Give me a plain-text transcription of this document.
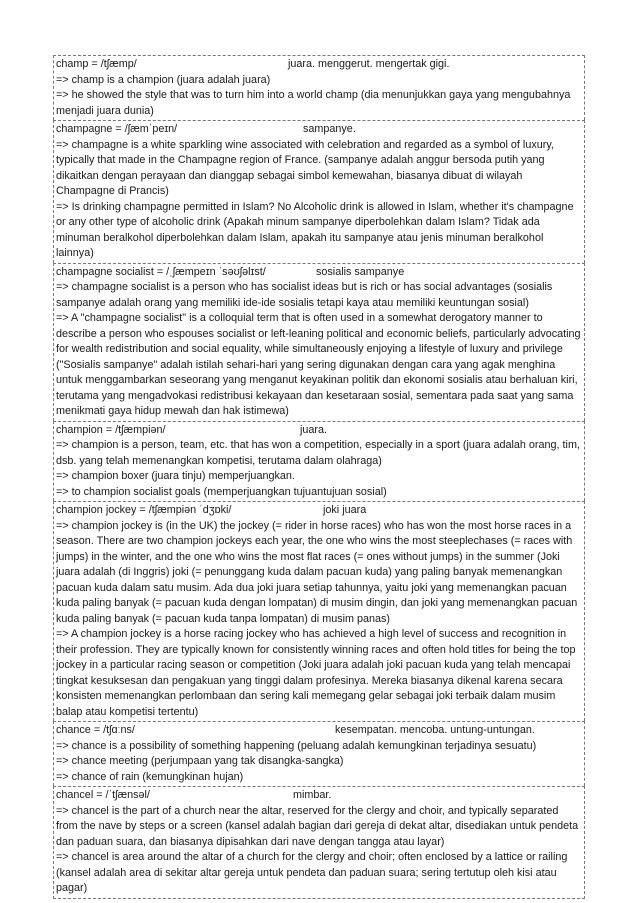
champ = /tʃæmp/	juara. menggerut. mengertak gigi.
=> champ is a champion (juara adalah juara)
=> he showed the style that was to turn him into a world champ (dia menunjukkan gaya yang mengubahnya menjadi juara dunia)
champagne = /ʃæmˈpeɪn/	sampanye.
=> champagne is a white sparkling wine associated with celebration and regarded as a symbol of luxury, typically that made in the Champagne region of France. (sampanye adalah anggur bersoda putih yang dikaitkan dengan perayaan dan dianggap sebagai simbol kemewahan, biasanya dibuat di wilayah Champagne di Prancis)
=> Is drinking champagne permitted in Islam? No Alcoholic drink is allowed in Islam, whether it's champagne or any other type of alcoholic drink (Apakah minum sampanye diperbolehkan dalam Islam? Tidak ada minuman beralkohol diperbolehkan dalam Islam, apakah itu sampanye atau jenis minuman beralkohol lainnya)
champagne socialist = /ˌʃæmpeɪn ˈsəʊʃəlɪst/	sosialis sampanye
=> champagne socialist is a person who has socialist ideas but is rich or has social advantages (sosialis sampanye adalah orang yang memiliki ide-ide sosialis tetapi kaya atau memiliki keuntungan sosial)
=> A "champagne socialist" is a colloquial term that is often used in a somewhat derogatory manner to describe a person who espouses socialist or left-leaning political and economic beliefs, particularly advocating for wealth redistribution and social equality, while simultaneously enjoying a lifestyle of luxury and privilege ("Sosialis sampanye" adalah istilah sehari-hari yang sering digunakan dengan cara yang agak menghina untuk menggambarkan seseorang yang menganut keyakinan politik dan ekonomi sosialis atau berhaluan kiri, terutama yang mengadvokasi redistribusi kekayaan dan kesetaraan sosial, sementara pada saat yang sama menikmati gaya hidup mewah dan hak istimewa)
champion = /tʃæmpiən/	juara.
=> champion is a person, team, etc. that has won a competition, especially in a sport (juara adalah orang, tim, dsb. yang telah memenangkan kompetisi, terutama dalam olahraga)
=> champion boxer (juara tinju) memperjuangkan.
=> to champion socialist goals (memperjuangkan tujuantujuan sosial)
champion jockey = /tʃæmpiən ˈdʒɒki/	joki juara
=> champion jockey is (in the UK) the jockey (= rider in horse races) who has won the most horse races in a season. There are two champion jockeys each year, the one who wins the most steeplechases (= races with jumps) in the winter, and the one who wins the most flat races (= ones without jumps) in the summer (Joki juara adalah (di Inggris) joki (= penunggang kuda dalam pacuan kuda) yang paling banyak memenangkan pacuan kuda dalam satu musim. Ada dua joki juara setiap tahunnya, yaitu joki yang memenangkan pacuan kuda paling banyak (= pacuan kuda dengan lompatan) di musim dingin, dan joki yang memenangkan pacuan kuda paling banyak (= pacuan kuda tanpa lompatan) di musim panas)
=> A champion jockey is a horse racing jockey who has achieved a high level of success and recognition in their profession. They are typically known for consistently winning races and often hold titles for being the top jockey in a particular racing season or competition (Joki juara adalah joki pacuan kuda yang telah mencapai tingkat kesuksesan dan pengakuan yang tinggi dalam profesinya. Mereka biasanya dikenal karena secara konsisten memenangkan perlombaan dan sering kali memegang gelar sebagai joki terbaik dalam musim balap atau kompetisi tertentu)
chance = /tʃɑːns/	kesempatan. mencoba. untung-untungan.
=> chance is a possibility of something happening (peluang adalah kemungkinan terjadinya sesuatu)
=> chance meeting (perjumpaan yang tak disangka-sangka)
=> chance of rain (kemungkinan hujan)
chancel = /ˈtʃænsəl/	mimbar.
=> chancel is the part of a church near the altar, reserved for the clergy and choir, and typically separated from the nave by steps or a screen (kansel adalah bagian dari gereja di dekat altar, disediakan untuk pendeta dan paduan suara, dan biasanya dipisahkan dari nave dengan tangga atau layar)
=> chancel is area around the altar of a church for the clergy and choir; often enclosed by a lattice or railing (kansel adalah area di sekitar altar gereja untuk pendeta dan paduan suara; sering tertutup oleh kisi atau pagar)
